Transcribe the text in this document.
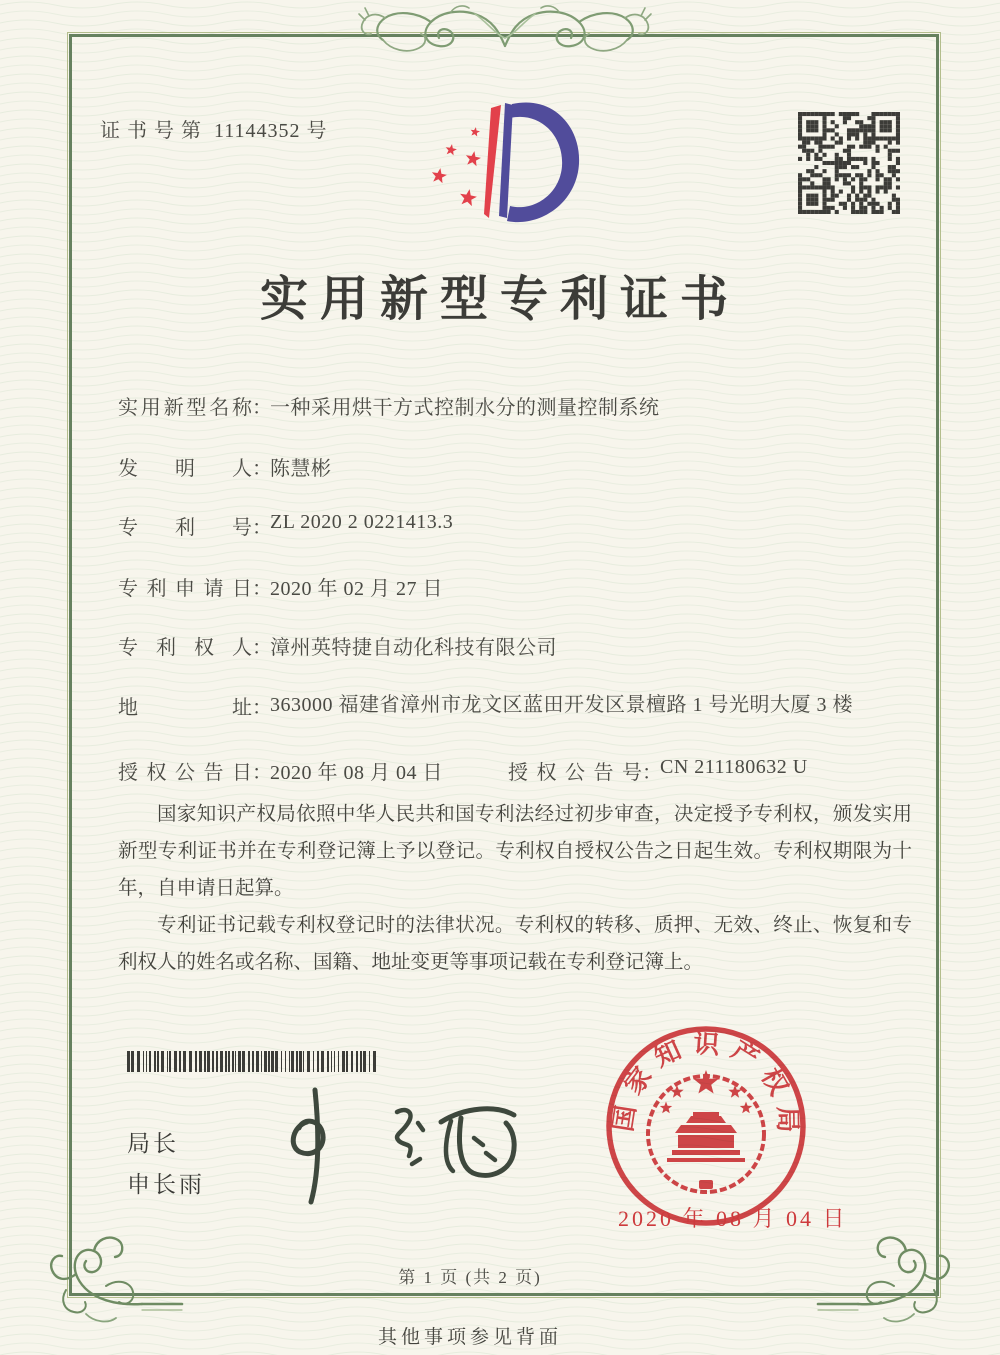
证书号第 11144352 号
实用新型专利证书
实用新型名称 ：
一种采用烘干方式控制水分的测量控制系统
发明人 ：
陈慧彬
专利号 ：
ZL 2020 2 0221413.3
专利申请日 ：
2020 年 02 月 27 日
专利权人 ：
漳州英特捷自动化科技有限公司
地址 ：
363000 福建省漳州市龙文区蓝田开发区景檀路 1 号光明大厦 3 楼
授权公告日 ：
2020 年 08 月 04 日	授权公告号 ：
CN 211180632 U

国家知识产权局依照中华人民共和国专利法经过初步审查，决定授予专利权，颁发实用新型专利证书并在专利登记簿上予以登记。专利权自授权公告之日起生效。专利权期限为十年，自申请日起算。

专利证书记载专利权登记时的法律状况。专利权的转移、质押、无效、终止、恢复和专利权人的姓名或名称、国籍、地址变更等事项记载在专利登记簿上。

局长
申长雨
国家知识产权局
2020 年 08 月 04 日
第 1 页 (共 2 页)
其他事项参见背面
